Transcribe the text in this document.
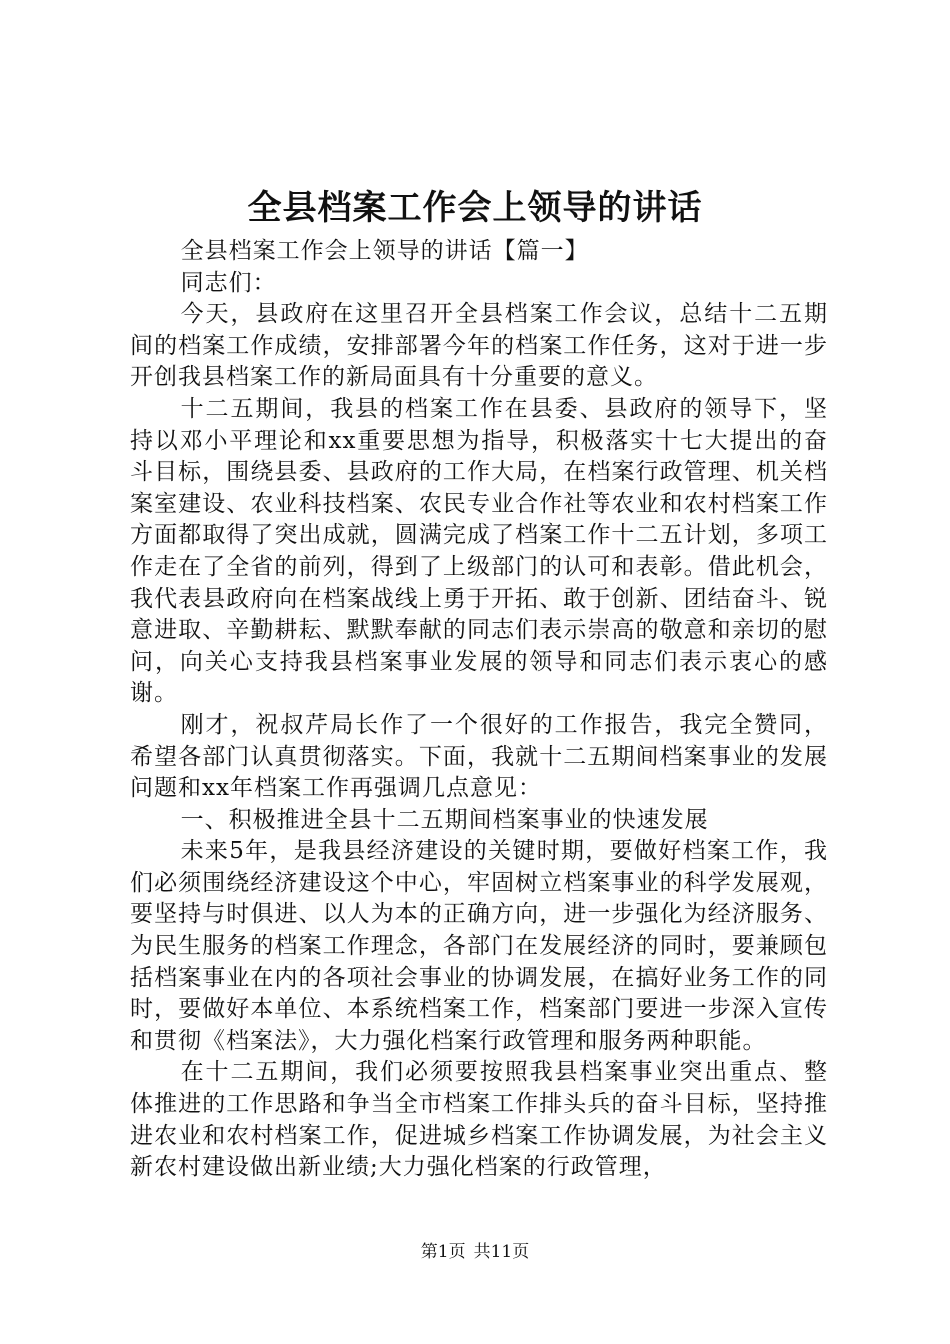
全县档案工作会上领导的讲话

全县档案工作会上领导的讲话【篇一】

同志们：

今天，县政府在这里召开全县档案工作会议，总结十二五期间的档案工作成绩，安排部署今年的档案工作任务，这对于进一步开创我县档案工作的新局面具有十分重要的意义。

十二五期间，我县的档案工作在县委、县政府的领导下，坚持以邓小平理论和xx重要思想为指导，积极落实十七大提出的奋斗目标，围绕县委、县政府的工作大局，在档案行政管理、机关档案室建设、农业科技档案、农民专业合作社等农业和农村档案工作方面都取得了突出成就，圆满完成了档案工作十二五计划，多项工作走在了全省的前列，得到了上级部门的认可和表彰。借此机会，我代表县政府向在档案战线上勇于开拓、敢于创新、团结奋斗、锐意进取、辛勤耕耘、默默奉献的同志们表示崇高的敬意和亲切的慰问，向关心支持我县档案事业发展的领导和同志们表示衷心的感谢。

刚才，祝叔芹局长作了一个很好的工作报告，我完全赞同，希望各部门认真贯彻落实。下面，我就十二五期间档案事业的发展问题和xx年档案工作再强调几点意见：

一、积极推进全县十二五期间档案事业的快速发展

未来5年，是我县经济建设的关键时期，要做好档案工作，我们必须围绕经济建设这个中心，牢固树立档案事业的科学发展观，要坚持与时俱进、以人为本的正确方向，进一步强化为经济服务、为民生服务的档案工作理念，各部门在发展经济的同时，要兼顾包括档案事业在内的各项社会事业的协调发展，在搞好业务工作的同时，要做好本单位、本系统档案工作，档案部门要进一步深入宣传和贯彻《档案法》，大力强化档案行政管理和服务两种职能。

在十二五期间，我们必须要按照我县档案事业突出重点、整体推进的工作思路和争当全市档案工作排头兵的奋斗目标，坚持推进农业和农村档案工作，促进城乡档案工作协调发展，为社会主义新农村建设做出新业绩;大力强化档案的行政管理，

第1页 共11页
